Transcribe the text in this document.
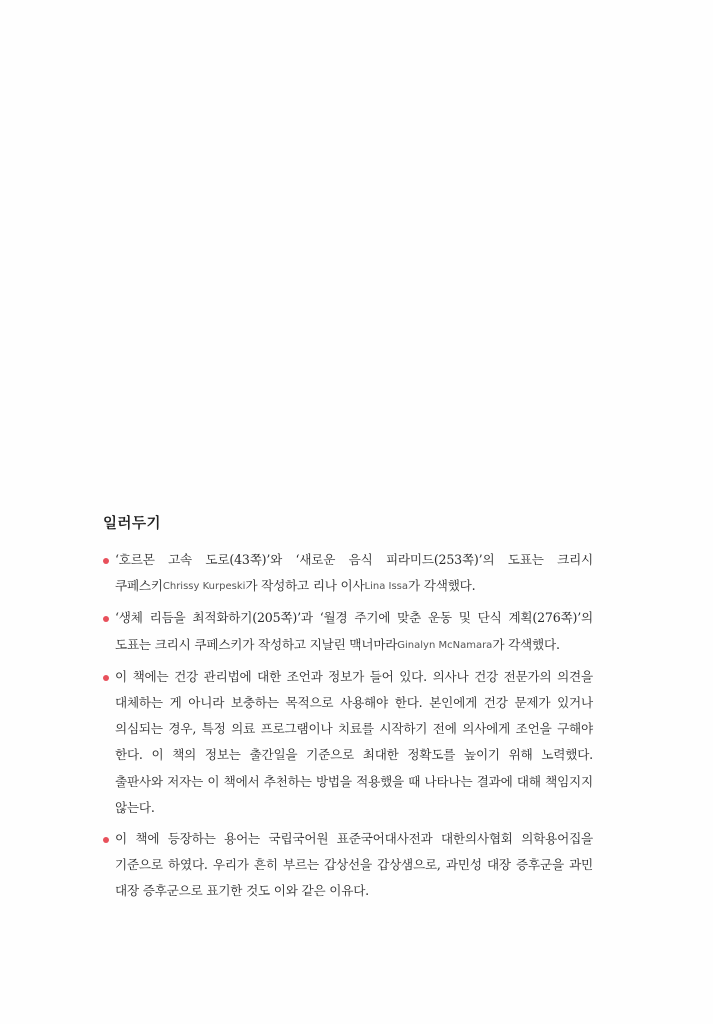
일러두기
‘호르몬 고속 도로(43쪽)’와 ‘새로운 음식 피라미드(253쪽)’의 도표는 크리시 쿠페스키Chrissy Kurpeski가 작성하고 리나 이사Lina Issa가 각색했다.
‘생체 리듬을 최적화하기(205쪽)’과 ‘월경 주기에 맞춘 운동 및 단식 계획(276쪽)’의 도표는 크리시 쿠페스키가 작성하고 지날린 맥너마라Ginalyn McNamara가 각색했다.
이 책에는 건강 관리법에 대한 조언과 정보가 들어 있다. 의사나 건강 전문가의 의견을 대체하는 게 아니라 보충하는 목적으로 사용해야 한다. 본인에게 건강 문제가 있거나 의심되는 경우, 특정 의료 프로그램이나 치료를 시작하기 전에 의사에게 조언을 구해야 한다. 이 책의 정보는 출간일을 기준으로 최대한 정확도를 높이기 위해 노력했다. 출판사와 저자는 이 책에서 추천하는 방법을 적용했을 때 나타나는 결과에 대해 책임지지 않는다.
이 책에 등장하는 용어는 국립국어원 표준국어대사전과 대한의사협회 의학용어집을 기준으로 하였다. 우리가 흔히 부르는 갑상선을 갑상샘으로, 과민성 대장 증후군을 과민 대장 증후군으로 표기한 것도 이와 같은 이유다.
